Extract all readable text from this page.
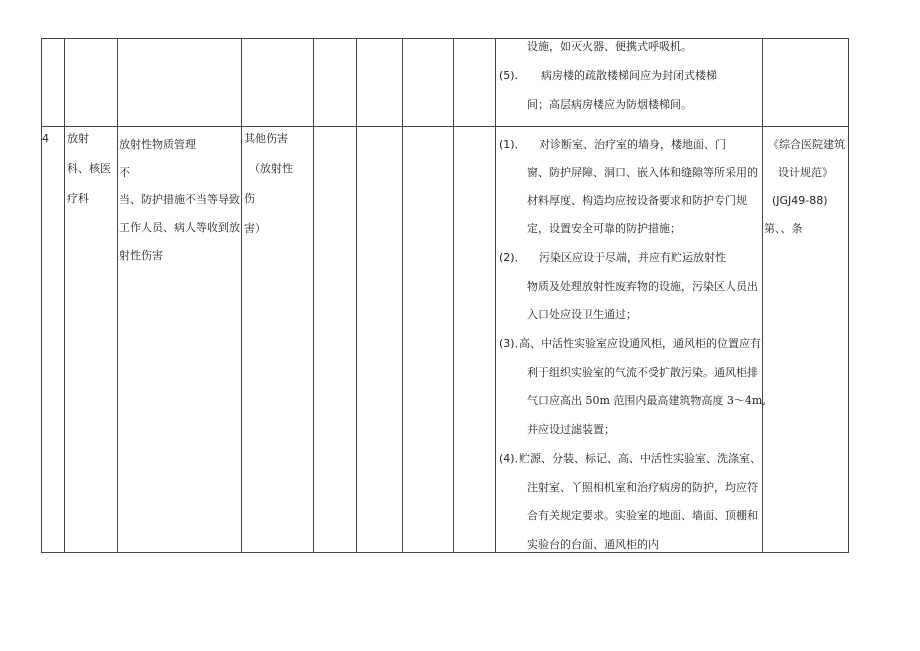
设施，如灭火器、便携式呼吸机。
(5). 病房楼的疏散楼梯间应为封闭式楼梯
间；高层病房楼应为防烟楼梯间。
4 放射
科、核医
疗科
放射性物质管理
不
当、防护措施不当等导致
工作人员、病人等收到放
射性伤害
其他伤害
（放射性
伤
害）
(1)． 对诊断室、治疗室的墙身，楼地面、门
窗、防护屏障、洞口、嵌入体和缝隙等所采用的
材料厚度、构造均应按设备要求和防护专门规
定，设置安全可靠的防护措施；
(2)． 污染区应设于尽端，并应有贮运放射性
物质及处理放射性废弃物的设施，污染区人员出
入口处应设卫生通过；
(3)．
高、中活性实验室应设通风柜，通风柜的位置应有
利于组织实验室的气流不受扩散污染。通风柜排
气口应高出 50m 范围内最高建筑物高度 3～4m,
并应设过滤装置；
(4)．
贮源、分装、标记、高、中活性实验室、洗涤室、
注射室、丫照相机室和治疗病房的防护，均应符
合有关规定要求。实验室的地面、墙面、顶棚和
实验台的台面、通风柜的内
《综合医院建筑
设计规范》
(JGJ49-88)
第、、条
